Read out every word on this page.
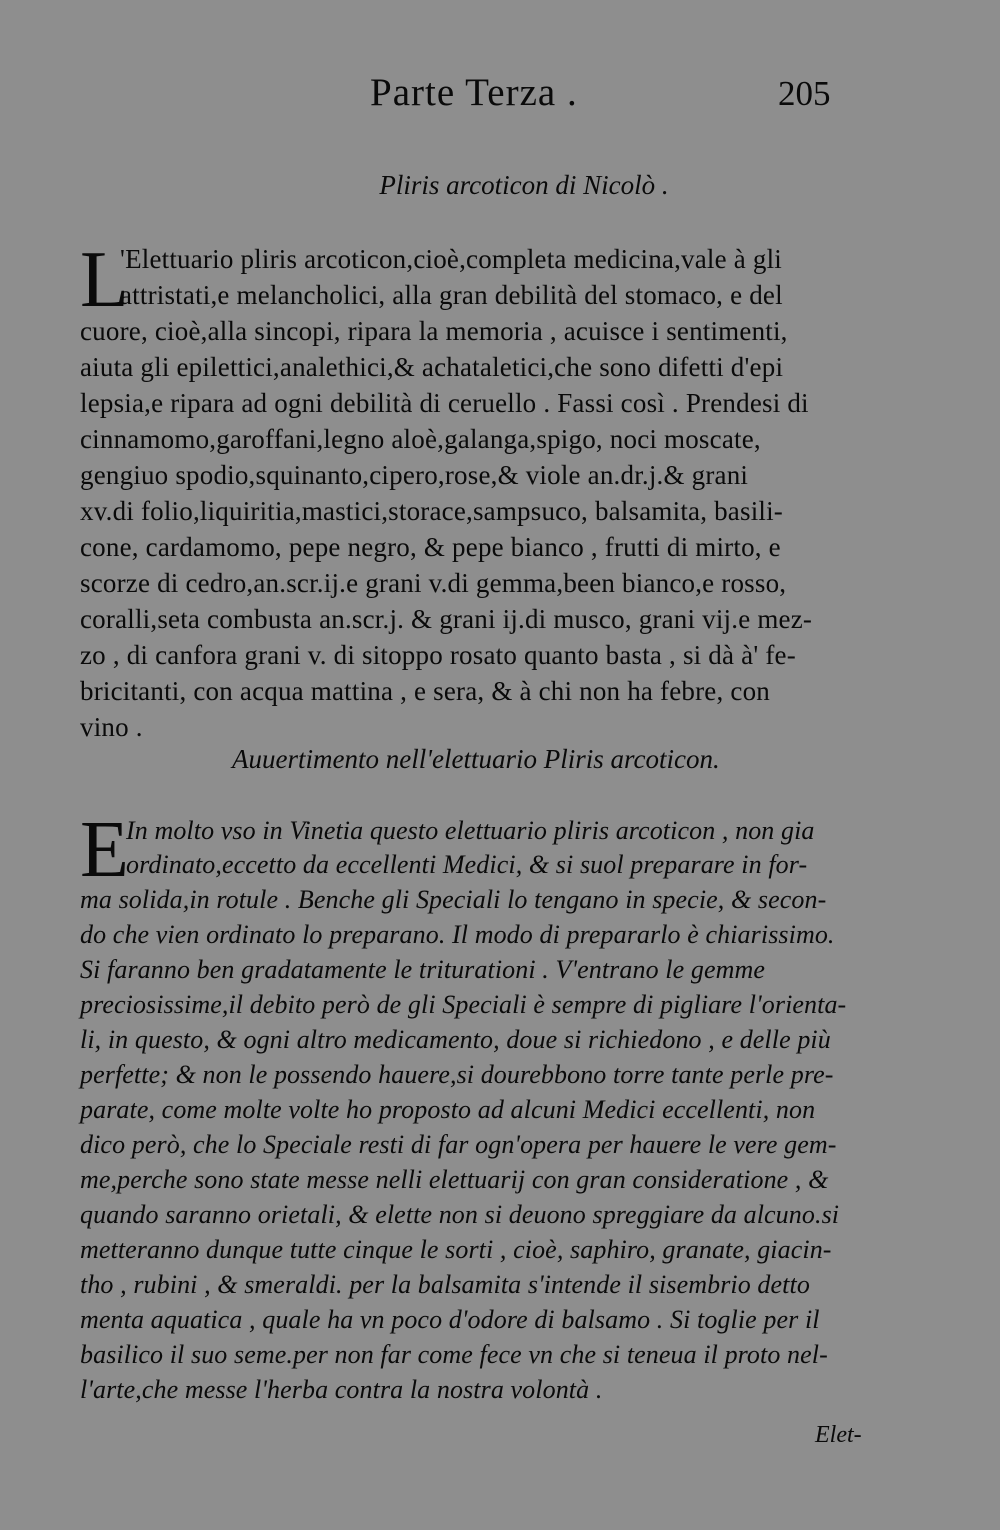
Parte Terza .	205
Pliris arcoticon di Nicolò .
L
'Elettuario pliris arcoticon,cioè,completa medicina,vale à gli
attristati,e melancholici, alla gran debilità del stomaco, e del
cuore, cioè,alla sincopi, ripara la memoria , acuisce i sentimenti,
aiuta gli epilettici,analethici,& achataletici,che sono difetti d'epi
lepsia,e ripara ad ogni debilità di ceruello . Fassi così . Prendesi di
cinnamomo,garoffani,legno aloè,galanga,spigo, noci moscate,
gengiuo spodio,squinanto,cipero,rose,& viole an.dr.j.& grani
xv.di folio,liquiritia,mastici,storace,sampsuco, balsamita, basili-
cone, cardamomo, pepe negro, & pepe bianco , frutti di mirto, e
scorze di cedro,an.scr.ij.e grani v.di gemma,been bianco,e rosso,
coralli,seta combusta an.scr.j. & grani ij.di musco, grani vij.e mez-
zo , di canfora grani v. di sitoppo rosato quanto basta , si dà à' fe-
bricitanti, con acqua mattina , e sera, & à chi non ha febre, con
vino .
Auuertimento nell'elettuario Pliris arcoticon.
E
In molto vso in Vinetia questo elettuario pliris arcoticon , non gia
ordinato,eccetto da eccellenti Medici, & si suol preparare in for-
ma solida,in rotule . Benche gli Speciali lo tengano in specie, & secon-
do che vien ordinato lo preparano. Il modo di prepararlo è chiarissimo.
Si faranno ben gradatamente le triturationi . V'entrano le gemme
preciosissime,il debito però de gli Speciali è sempre di pigliare l'orienta-
li, in questo, & ogni altro medicamento, doue si richiedono , e delle più
perfette; & non le possendo hauere,si dourebbono torre tante perle pre-
parate, come molte volte ho proposto ad alcuni Medici eccellenti, non
dico però, che lo Speciale resti di far ogn'opera per hauere le vere gem-
me,perche sono state messe nelli elettuarij con gran consideratione , &
quando saranno orietali, & elette non si deuono spreggiare da alcuno.si
metteranno dunque tutte cinque le sorti , cioè, saphiro, granate, giacin-
tho , rubini , & smeraldi. per la balsamita s'intende il sisembrio detto
menta aquatica , quale ha vn poco d'odore di balsamo . Si toglie per il
basilico il suo seme.per non far come fece vn che si teneua il proto nel-
l'arte,che messe l'herba contra la nostra volontà .
Elet-
